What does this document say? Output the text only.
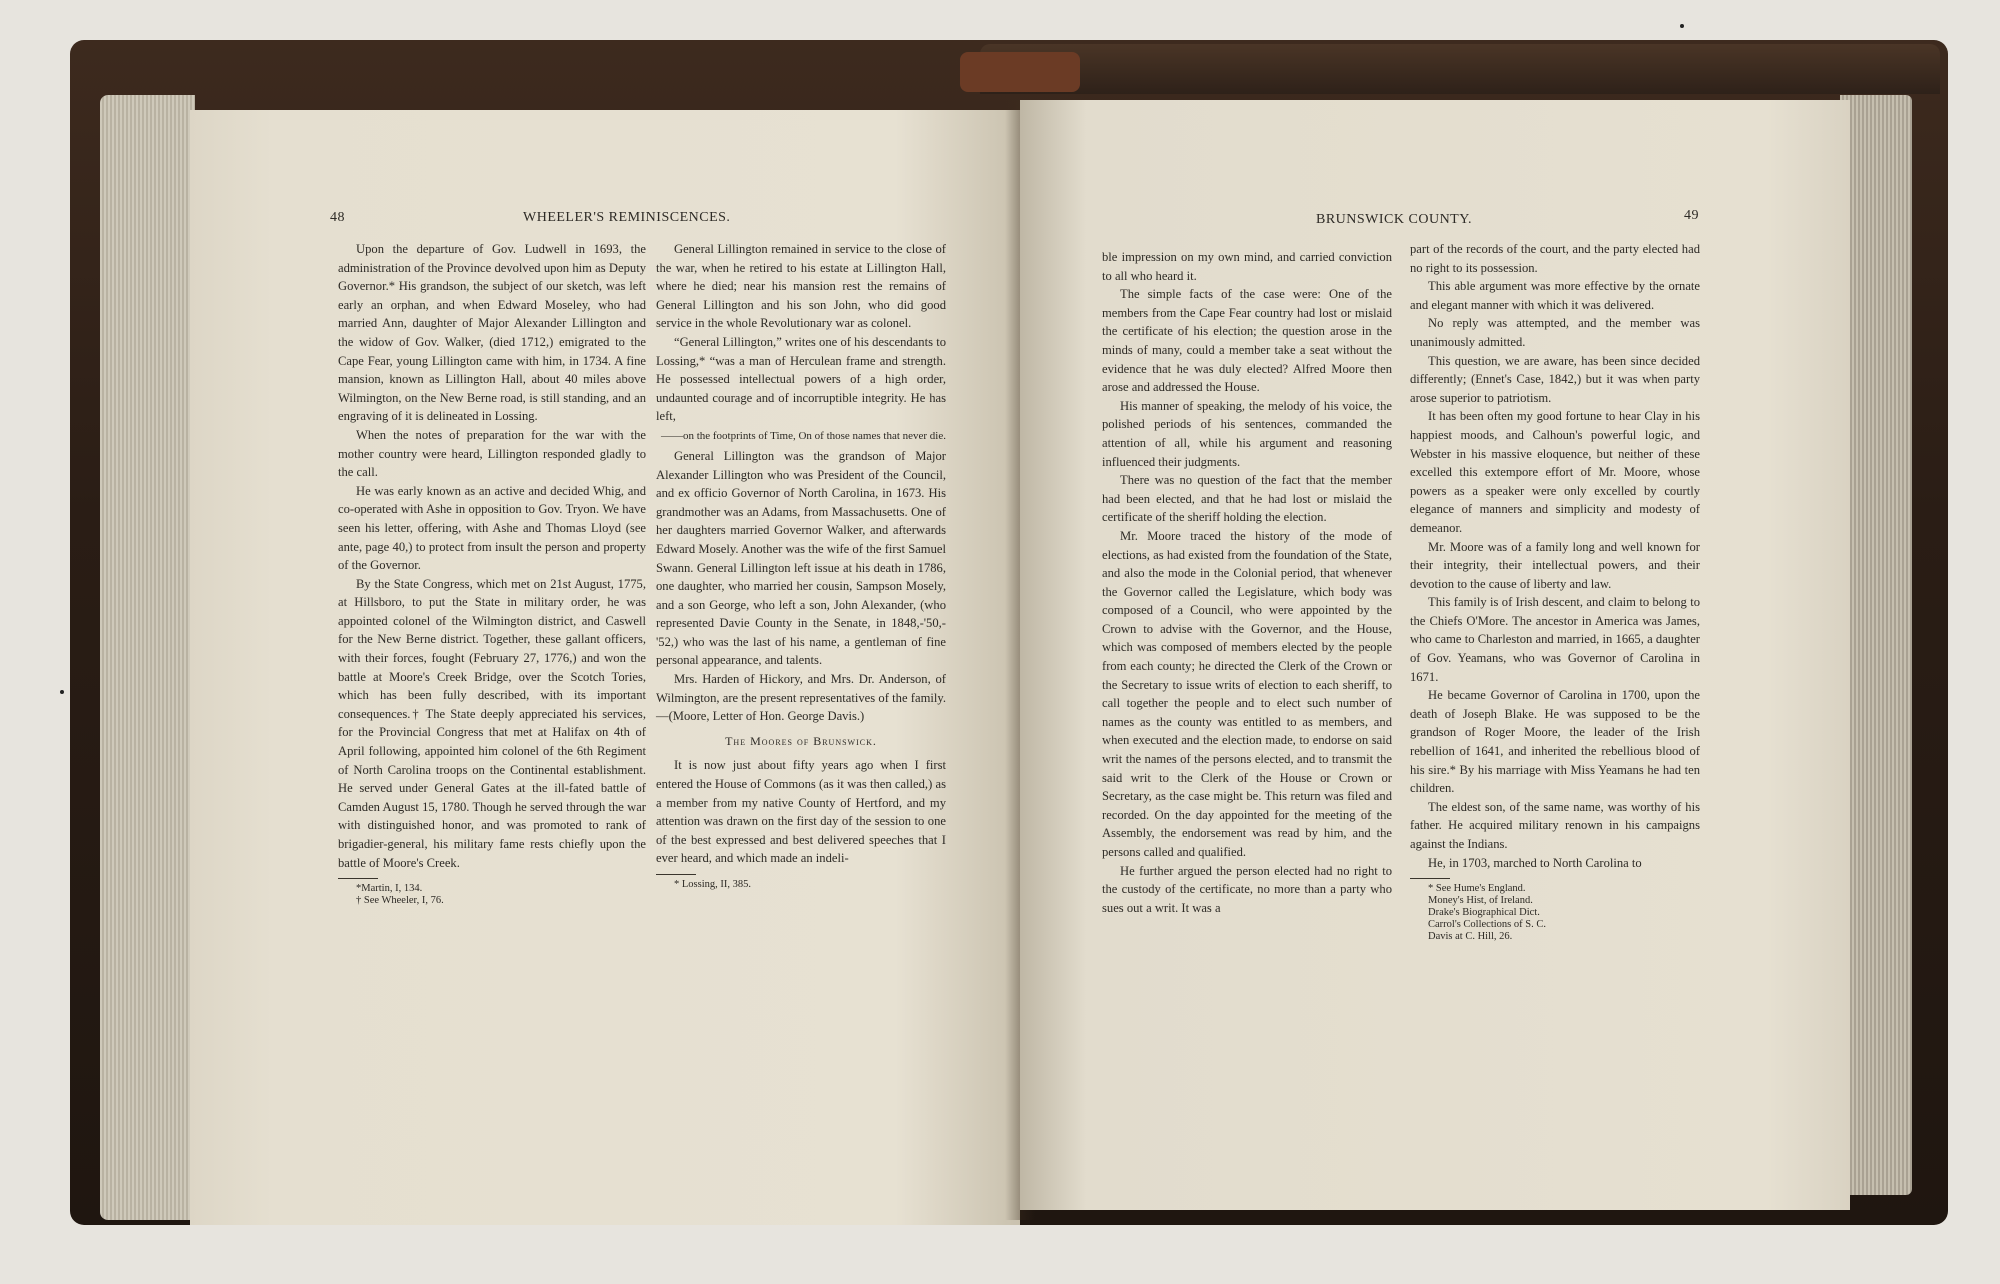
48	WHEELER'S REMINISCENCES.

Upon the departure of Gov. Ludwell in 1693, the administration of the Province devolved upon him as Deputy Governor.* His grandson, the subject of our sketch, was left early an orphan, and when Edward Moseley, who had married Ann, daughter of Major Alexander Lillington and the widow of Gov. Walker, (died 1712,) emigrated to the Cape Fear, young Lillington came with him, in 1734. A fine mansion, known as Lillington Hall, about 40 miles above Wilmington, on the New Berne road, is still standing, and an engraving of it is delineated in Lossing.

When the notes of preparation for the war with the mother country were heard, Lillington responded gladly to the call.

He was early known as an active and decided Whig, and co-operated with Ashe in opposition to Gov. Tryon. We have seen his letter, offering, with Ashe and Thomas Lloyd (see ante, page 40,) to protect from insult the person and property of the Governor.

By the State Congress, which met on 21st August, 1775, at Hillsboro, to put the State in military order, he was appointed colonel of the Wilmington district, and Caswell for the New Berne district. Together, these gallant officers, with their forces, fought (February 27, 1776,) and won the battle at Moore's Creek Bridge, over the Scotch Tories, which has been fully described, with its important consequences.† The State deeply appreciated his services, for the Provincial Congress that met at Halifax on 4th of April following, appointed him colonel of the 6th Regiment of North Carolina troops on the Continental establishment. He served under General Gates at the ill-fated battle of Camden August 15, 1780. Though he served through the war with distinguished honor, and was promoted to rank of brigadier-general, his military fame rests chiefly upon the battle of Moore's Creek.

*Martin, I, 134.

† See Wheeler, I, 76.

General Lillington remained in service to the close of the war, when he retired to his estate at Lillington Hall, where he died; near his mansion rest the remains of General Lillington and his son John, who did good service in the whole Revolutionary war as colonel.

“General Lillington,” writes one of his descendants to Lossing,* “was a man of Herculean frame and strength. He possessed intellectual powers of a high order, undaunted courage and of incorruptible integrity. He has left,

——on the footprints of Time, On of those names that never die.

General Lillington was the grandson of Major Alexander Lillington who was President of the Council, and ex officio Governor of North Carolina, in 1673. His grandmother was an Adams, from Massachusetts. One of her daughters married Governor Walker, and afterwards Edward Mosely. Another was the wife of the first Samuel Swann. General Lillington left issue at his death in 1786, one daughter, who married her cousin, Sampson Mosely, and a son George, who left a son, John Alexander, (who represented Davie County in the Senate, in 1848,-'50,-'52,) who was the last of his name, a gentleman of fine personal appearance, and talents.

Mrs. Harden of Hickory, and Mrs. Dr. Anderson, of Wilmington, are the present representatives of the family.—(Moore, Letter of Hon. George Davis.)

The Moores of Brunswick.

It is now just about fifty years ago when I first entered the House of Commons (as it was then called,) as a member from my native County of Hertford, and my attention was drawn on the first day of the session to one of the best expressed and best delivered speeches that I ever heard, and which made an indeli-

* Lossing, II, 385.

BRUNSWICK COUNTY.	49

ble impression on my own mind, and carried conviction to all who heard it.

The simple facts of the case were: One of the members from the Cape Fear country had lost or mislaid the certificate of his election; the question arose in the minds of many, could a member take a seat without the evidence that he was duly elected? Alfred Moore then arose and addressed the House.

His manner of speaking, the melody of his voice, the polished periods of his sentences, commanded the attention of all, while his argument and reasoning influenced their judgments.

There was no question of the fact that the member had been elected, and that he had lost or mislaid the certificate of the sheriff holding the election.

Mr. Moore traced the history of the mode of elections, as had existed from the foundation of the State, and also the mode in the Colonial period, that whenever the Governor called the Legislature, which body was composed of a Council, who were appointed by the Crown to advise with the Governor, and the House, which was composed of members elected by the people from each county; he directed the Clerk of the Crown or the Secretary to issue writs of election to each sheriff, to call together the people and to elect such number of names as the county was entitled to as members, and when executed and the election made, to endorse on said writ the names of the persons elected, and to transmit the said writ to the Clerk of the House or Crown or Secretary, as the case might be. This return was filed and recorded. On the day appointed for the meeting of the Assembly, the endorsement was read by him, and the persons called and qualified.

He further argued the person elected had no right to the custody of the certificate, no more than a party who sues out a writ. It was a

part of the records of the court, and the party elected had no right to its possession.

This able argument was more effective by the ornate and elegant manner with which it was delivered.

No reply was attempted, and the member was unanimously admitted.

This question, we are aware, has been since decided differently; (Ennet's Case, 1842,) but it was when party arose superior to patriotism.

It has been often my good fortune to hear Clay in his happiest moods, and Calhoun's powerful logic, and Webster in his massive eloquence, but neither of these excelled this extempore effort of Mr. Moore, whose powers as a speaker were only excelled by courtly elegance of manners and simplicity and modesty of demeanor.

Mr. Moore was of a family long and well known for their integrity, their intellectual powers, and their devotion to the cause of liberty and law.

This family is of Irish descent, and claim to belong to the Chiefs O'More. The ancestor in America was James, who came to Charleston and married, in 1665, a daughter of Gov. Yeamans, who was Governor of Carolina in 1671.

He became Governor of Carolina in 1700, upon the death of Joseph Blake. He was supposed to be the grandson of Roger Moore, the leader of the Irish rebellion of 1641, and inherited the rebellious blood of his sire.* By his marriage with Miss Yeamans he had ten children.

The eldest son, of the same name, was worthy of his father. He acquired military renown in his campaigns against the Indians.

He, in 1703, marched to North Carolina to

* See Hume's England.

Money's Hist, of Ireland.

Drake's Biographical Dict.

Carrol's Collections of S. C.

Davis at C. Hill, 26.
